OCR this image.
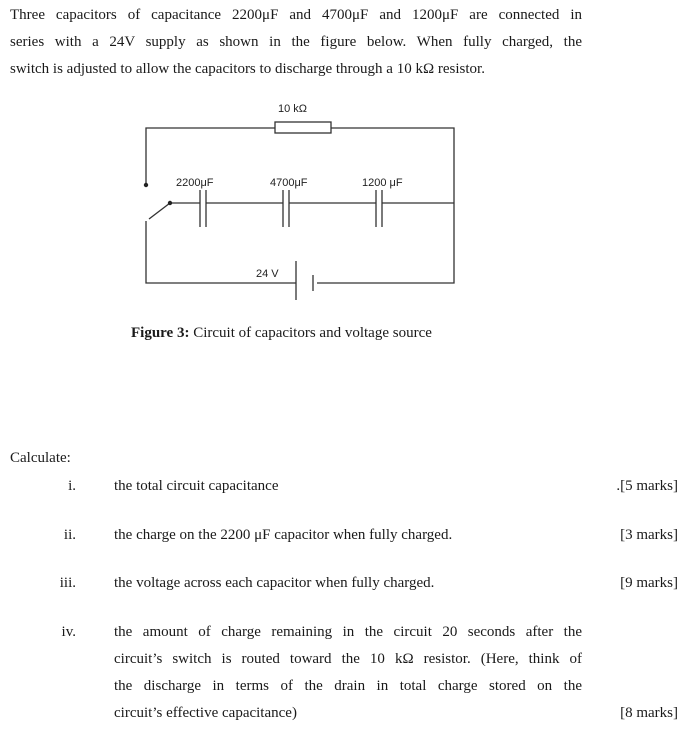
Three capacitors of capacitance 2200μF and 4700μF and 1200μF are connected in
series with a 24V supply as shown in the figure below. When fully charged, the
switch is adjusted to allow the capacitors to discharge through a 10 kΩ resistor.

10 kΩ
2200μF	4700μF	1200 μF
24 V
Figure 3: Circuit of capacitors and voltage source
Calculate:
i.	the total circuit capacitance	.[5 marks]
ii.	the charge on the 2200 μF capacitor when fully charged.	[3 marks]
iii.	the voltage across each capacitor when fully charged.	[9 marks]
iv.	the amount of charge remaining in the circuit 20 seconds after the
circuit’s switch is routed toward the 10 kΩ resistor. (Here, think of
the discharge in terms of the drain in total charge stored on the
circuit’s effective capacitance)	[8 marks]
